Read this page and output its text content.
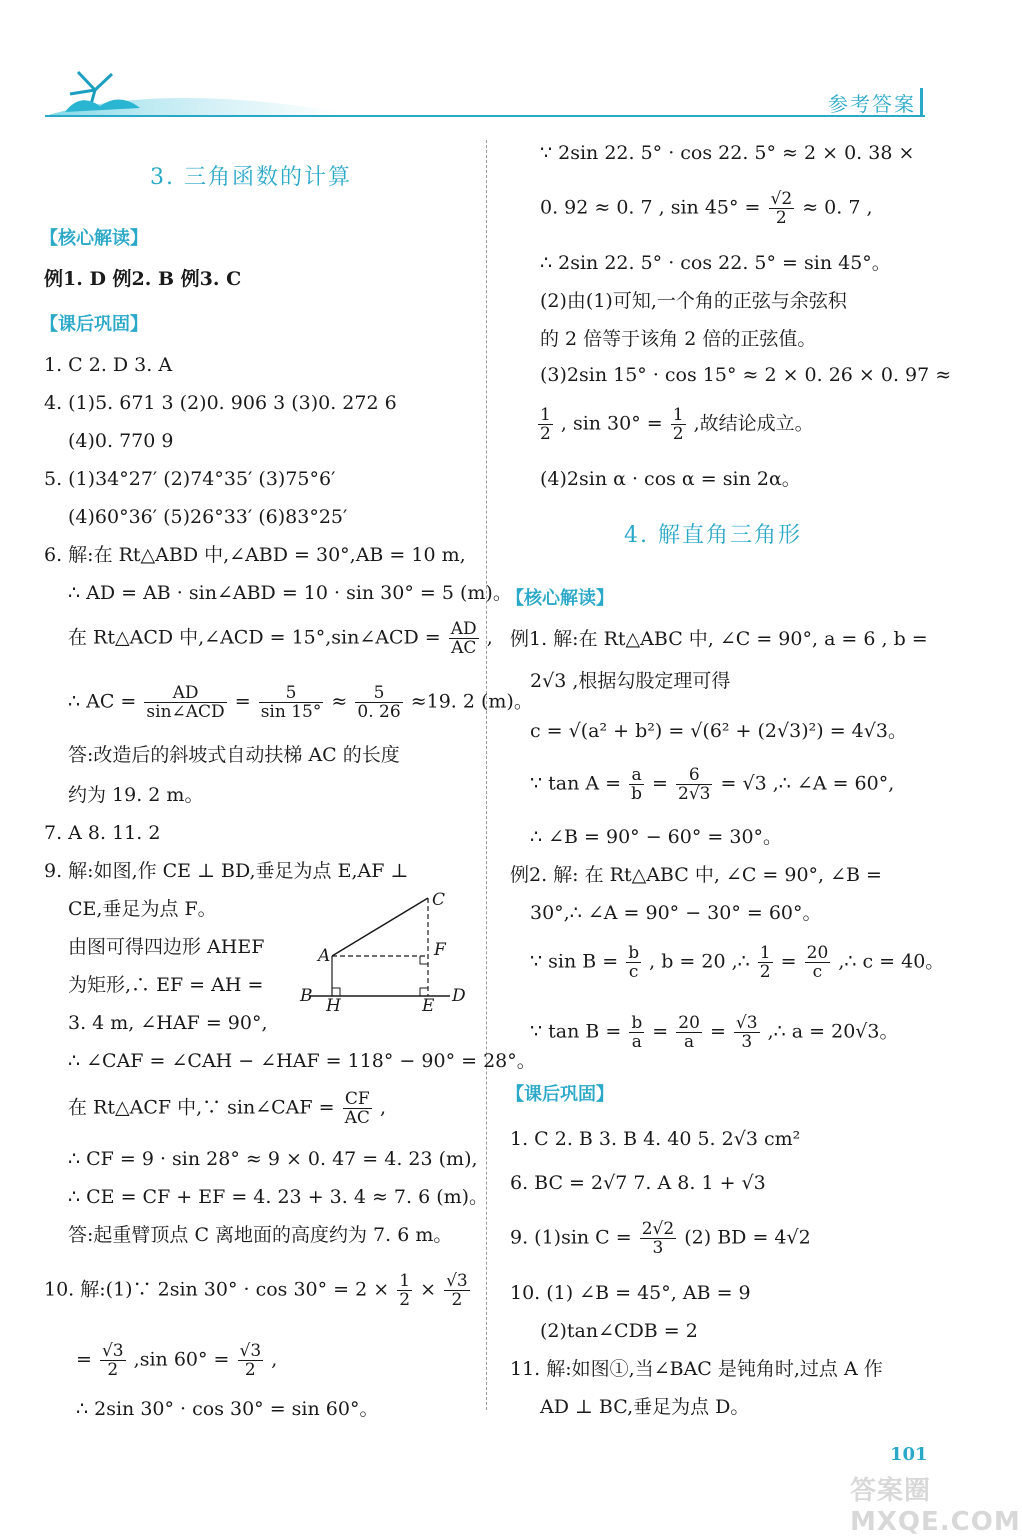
参考答案
3. 三角函数的计算
【核心解读】
例1. D 例2. B 例3. C
【课后巩固】
1. C 2. D 3. A
4. (1)5. 671 3 (2)0. 906 3 (3)0. 272 6
(4)0. 770 9
5. (1)34°27′ (2)74°35′ (3)75°6′
(4)60°36′ (5)26°33′ (6)83°25′
6. 解:在 Rt△ABD 中,∠ABD = 30°,AB = 10 m,
∴ AD = AB · sin∠ABD = 10 · sin 30° = 5 (m)。
在 Rt△ACD 中,∠ACD = 15°,sin∠ACD = $\frac{AD}{AC}$ ,
∴ AC = $\frac{AD}{\text{sin∠ACD}} = \frac{5}{\sin 15^\circ} \approx \frac{5}{0. 26} \approx 19$. 2 (m)。
答:改造后的斜坡式自动扶梯 AC 的长度
约为 19. 2 m。
7. A 8. 11. 2
9. 解:如图,作 CE ⊥ BD,垂足为点 E,AF ⊥
CE,垂足为点 F。
由图可得四边形 AHEF
为矩形,∴ EF = AH =
3. 4 m, ∠HAF = 90°,
A
B
C
D
E
F
H
∴ ∠CAF = ∠CAH − ∠HAF = 118° − 90° = 28°。
在 Rt△ACF 中,∵ sin∠CAF = $\frac{CF}{AC}$ ,
∴ CF = 9 · sin 28° ≈ 9 × 0. 47 = 4. 23 (m),
∴ CE = CF + EF = 4. 23 + 3. 4 ≈ 7. 6 (m)。
答:起重臂顶点 C 离地面的高度约为 7. 6 m。
10. 解:(1)∵ 2sin $30^\circ \cdot \cos 30^\circ = 2 \times \frac{1}{2} \times \frac{√3}{2}$
= $\frac{√3}{2} ,\sin$ $60^\circ = \frac{√3}{2}$ ,
∴ 2sin 30° · cos 30° = sin 60°。
∵ 2sin 22. 5° · cos 22. 5° ≈ 2 × 0. 38 ×
0. 92 ≈ 0. 7 , $\sin 45^\circ = \frac{√2}{2} \approx 0$. 7 ,
∴ 2sin 22. 5° · cos 22. 5° = sin 45°。
(2)由(1)可知,一个角的正弦与余弦积
的 2 倍等于该角 2 倍的正弦值。
(3)2sin 15° · cos 15° ≈ 2 × 0. 26 × 0. 97 ≈
$\frac{1}{2}$ , $\sin 30^\circ = \frac{1}{2}$ ,故结论成立。
(4)2sin α · cos α = sin 2α。
4. 解直角三角形
【核心解读】
例1. 解:在 Rt△ABC 中, ∠C = 90°, a = 6 , b =
2√3 ,根据勾股定理可得
c = √(a² + b²) = √(6² + (2√3)²) = 4√3。
∵ $\tan A = \frac{a}{b} = \frac{6}{2√3} = √3$ ,∴ ∠A = 60°,
∴ ∠B = 90° − 60° = 30°。
例2. 解: 在 Rt△ABC 中, ∠C = 90°, ∠B =
30°,∴ ∠A = 90° − 30° = 60°。
∵ $\sin B = \frac{b}{c}$ , b = 20 ,∴ $\frac{1}{2} = \frac{20}{c}$ ,∴ c = 40。
∵ $\tan B = \frac{b}{a} = \frac{20}{a} = \frac{√3}{3}$ ,∴ a = 20√3。
【课后巩固】
1. C 2. B 3. B 4. 40 5. 2√3 cm²
6. BC = 2√7 7. A 8. 1 + √3
9. (1)sin $C = \frac{2√2}{3} (2)$ BD = 4√2
10. (1) ∠B = 45°, AB = 9
(2)tan∠CDB = 2
11. 解:如图①,当∠BAC 是钝角时,过点 A 作
AD ⊥ BC,垂足为点 D。
101
答案圈 MXQE.COM
